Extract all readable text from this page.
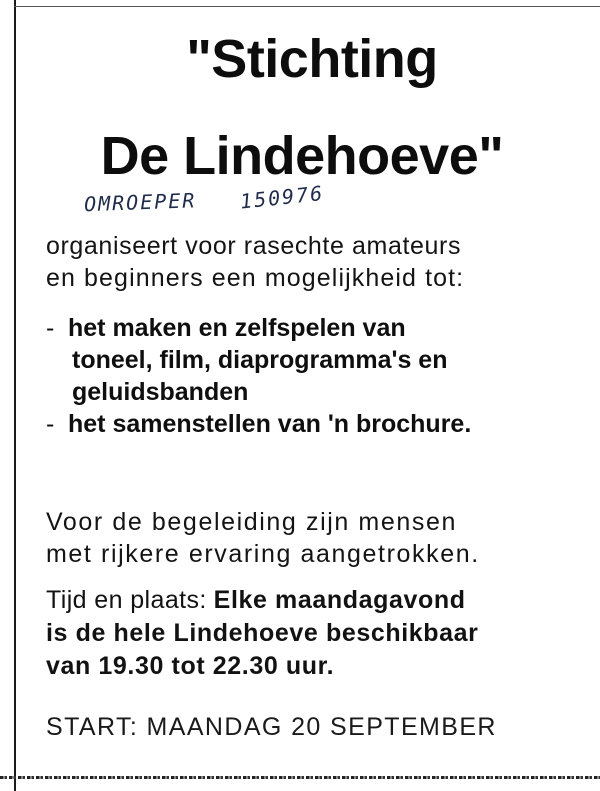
"Stichting
De Lindehoeve"
OMROEPER 150976
organiseert voor rasechte amateurs
en beginners een mogelijkheid tot:
- het maken en zelfspelen van
toneel, film, diaprogramma's en
geluidsbanden
- het samenstellen van 'n brochure.
Voor de begeleiding zijn mensen
met rijkere ervaring aangetrokken.
Tijd en plaats: Elke maandagavond
is de hele Lindehoeve beschikbaar
van 19.30 tot 22.30 uur.
START: MAANDAG 20 SEPTEMBER
